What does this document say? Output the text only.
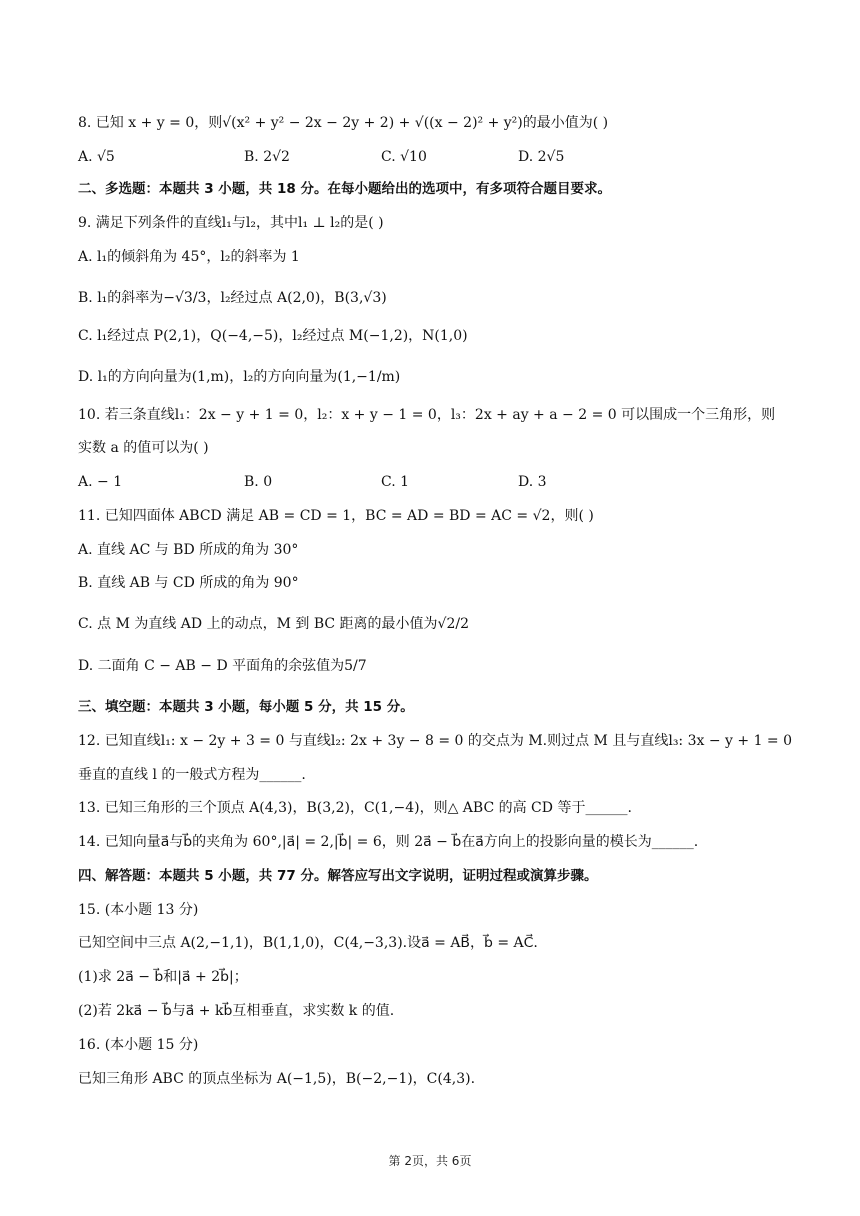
8. 已知 x + y = 0，则√(x² + y² − 2x − 2y + 2) + √((x − 2)² + y²)的最小值为( )
A. √5	B. 2√2	C. √10	D. 2√5
二、多选题：本题共 3 小题，共 18 分。在每小题给出的选项中，有多项符合题目要求。
9. 满足下列条件的直线l₁与l₂，其中l₁ ⊥ l₂的是( )
A. l₁的倾斜角为 45°，l₂的斜率为 1
B. l₁的斜率为−√3/3，l₂经过点 A(2,0)，B(3,√3)
C. l₁经过点 P(2,1)，Q(−4,−5)，l₂经过点 M(−1,2)，N(1,0)
D. l₁的方向向量为(1,m)，l₂的方向向量为(1,−1/m)
10. 若三条直线l₁：2x − y + 1 = 0，l₂：x + y − 1 = 0，l₃：2x + ay + a − 2 = 0 可以围成一个三角形，则
实数 a 的值可以为( )
A. − 1	B. 0	C. 1	D. 3
11. 已知四面体 ABCD 满足 AB = CD = 1，BC = AD = BD = AC = √2，则( )
A. 直线 AC 与 BD 所成的角为 30°
B. 直线 AB 与 CD 所成的角为 90°
C. 点 M 为直线 AD 上的动点，M 到 BC 距离的最小值为√2/2
D. 二面角 C − AB − D 平面角的余弦值为5/7
三、填空题：本题共 3 小题，每小题 5 分，共 15 分。
12. 已知直线l₁: x − 2y + 3 = 0 与直线l₂: 2x + 3y − 8 = 0 的交点为 M.则过点 M 且与直线l₃: 3x − y + 1 = 0
垂直的直线 l 的一般式方程为______.
13. 已知三角形的三个顶点 A(4,3)，B(3,2)，C(1,−4)，则△ ABC 的高 CD 等于______.
14. 已知向量a⃗与b⃗的夹角为 60°,|a⃗| = 2,|b⃗| = 6，则 2a⃗ − b⃗在a⃗方向上的投影向量的模长为______.
四、解答题：本题共 5 小题，共 77 分。解答应写出文字说明，证明过程或演算步骤。
15. (本小题 13 分)
已知空间中三点 A(2,−1,1)，B(1,1,0)，C(4,−3,3).设a⃗ = AB⃗，b⃗ = AC⃗.
(1)求 2a⃗ − b⃗和|a⃗ + 2b⃗|；
(2)若 2ka⃗ − b⃗与a⃗ + kb⃗互相垂直，求实数 k 的值.
16. (本小题 15 分)
已知三角形 ABC 的顶点坐标为 A(−1,5)，B(−2,−1)，C(4,3).
第 2页，共 6页
